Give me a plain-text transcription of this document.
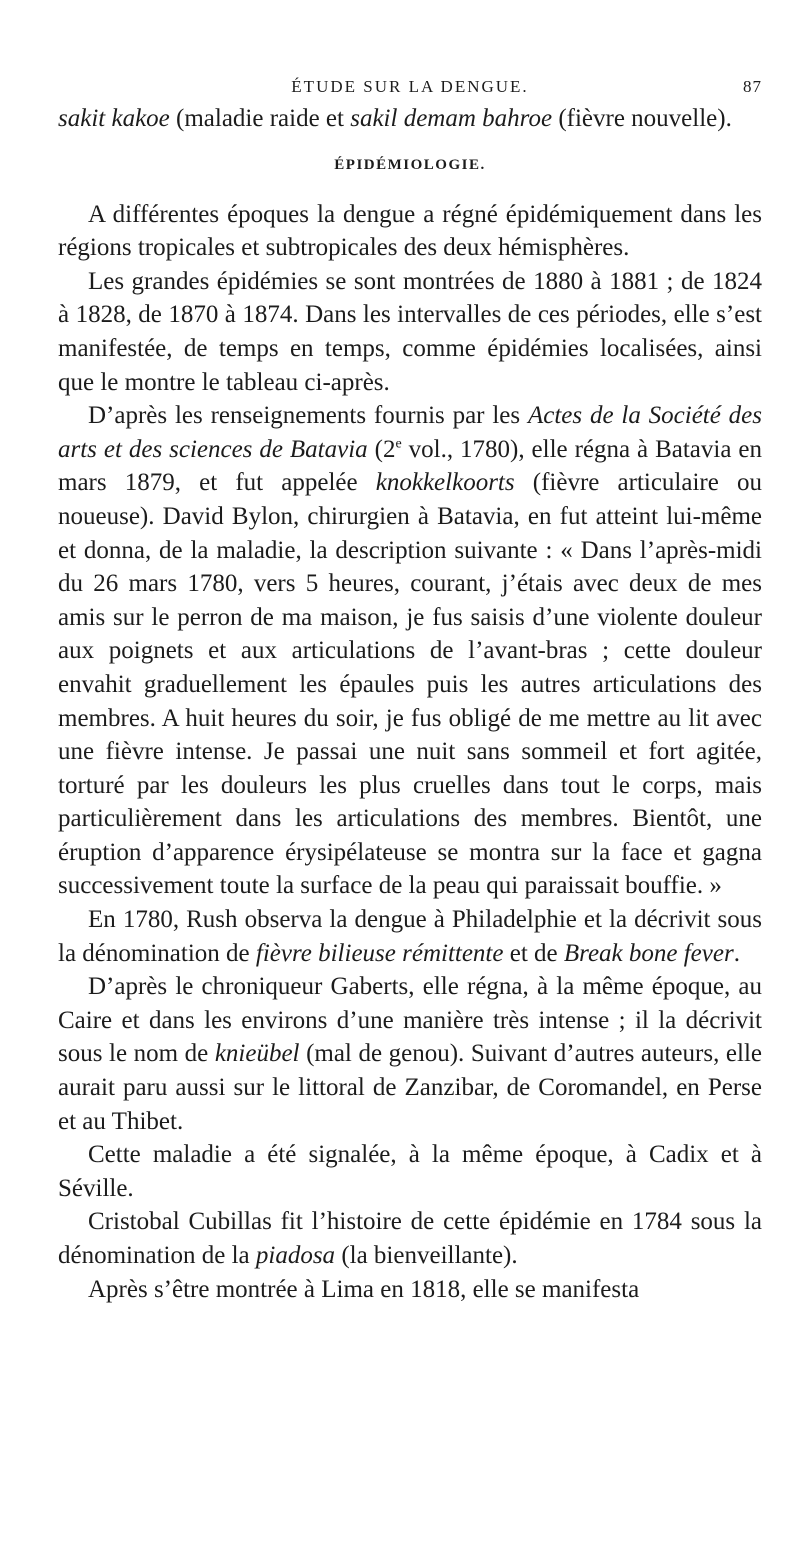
ÉTUDE SUR LA DENGUE.	87

sakit kakoe (maladie raide et sakil demam bahroe (fièvre nouvelle).

ÉPIDÉMIOLOGIE.

A différentes époques la dengue a régné épidémiquement dans les régions tropicales et subtropicales des deux hémisphères.

Les grandes épidémies se sont montrées de 1880 à 1881 ; de 1824 à 1828, de 1870 à 1874. Dans les intervalles de ces périodes, elle s’est manifestée, de temps en temps, comme épidémies localisées, ainsi que le montre le tableau ci-après.

D’après les renseignements fournis par les Actes de la Société des arts et des sciences de Batavia (2e vol., 1780), elle régna à Batavia en mars 1879, et fut appelée knokkelkoorts (fièvre articulaire ou noueuse). David Bylon, chirurgien à Batavia, en fut atteint lui-même et donna, de la maladie, la description suivante : « Dans l’après-midi du 26 mars 1780, vers 5 heures, courant, j’étais avec deux de mes amis sur le perron de ma maison, je fus saisis d’une violente douleur aux poignets et aux articulations de l’avant-bras ; cette douleur envahit graduellement les épaules puis les autres articulations des membres. A huit heures du soir, je fus obligé de me mettre au lit avec une fièvre intense. Je passai une nuit sans sommeil et fort agitée, torturé par les douleurs les plus cruelles dans tout le corps, mais particulièrement dans les articulations des membres. Bientôt, une éruption d’apparence érysipélateuse se montra sur la face et gagna successivement toute la surface de la peau qui paraissait bouffie. »

En 1780, Rush observa la dengue à Philadelphie et la décrivit sous la dénomination de fièvre bilieuse rémittente et de Break bone fever.

D’après le chroniqueur Gaberts, elle régna, à la même époque, au Caire et dans les environs d’une manière très intense ; il la décrivit sous le nom de knieübel (mal de genou). Suivant d’autres auteurs, elle aurait paru aussi sur le littoral de Zanzibar, de Coromandel, en Perse et au Thibet.

Cette maladie a été signalée, à la même époque, à Cadix et à Séville.

Cristobal Cubillas fit l’histoire de cette épidémie en 1784 sous la dénomination de la piadosa (la bienveillante).

Après s’être montrée à Lima en 1818, elle se manifesta
